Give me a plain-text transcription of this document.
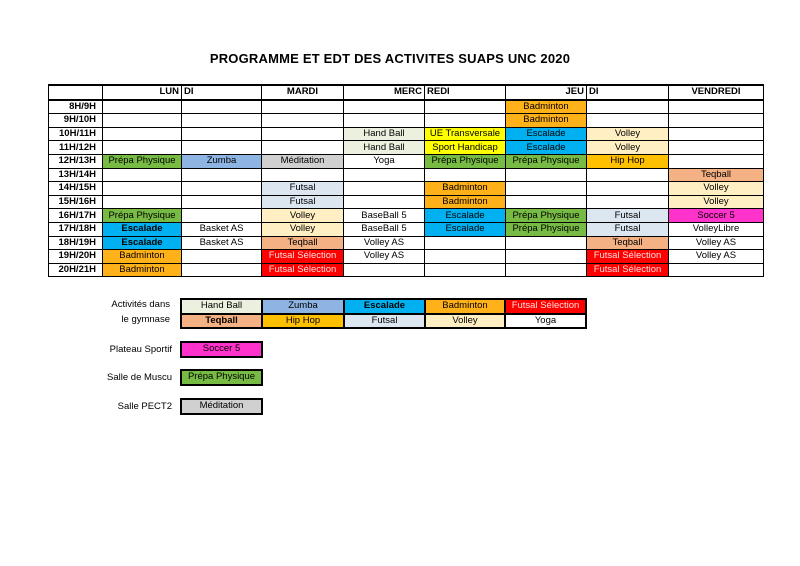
PROGRAMME ET EDT DES ACTIVITES SUAPS UNC 2020
	LUN	DI	MARDI	MERC	REDI	JEU	DI	VENDREDI
8H/9H						Badminton		
9H/10H						Badminton		
10H/11H				Hand Ball	UE Transversale	Escalade	Volley	
11H/12H				Hand Ball	Sport Handicap	Escalade	Volley	
12H/13H	Prépa Physique	Zumba	Méditation	Yoga	Prépa Physique	Prépa Physique	Hip Hop	
13H/14H								Teqball
14H/15H			Futsal		Badminton			Volley
15H/16H			Futsal		Badminton			Volley
16H/17H	Prépa Physique		Volley	BaseBall 5	Escalade	Prépa Physique	Futsal	Soccer 5
17H/18H	Escalade	Basket AS	Volley	BaseBall 5	Escalade	Prépa Physique	Futsal	VolleyLibre
18H/19H	Escalade	Basket AS	Teqball	Volley AS			Teqball	Volley AS
19H/20H	Badminton		Futsal Sélection	Volley AS			Futsal Sélection	Volley AS
20H/21H	Badminton		Futsal Sélection				Futsal Sélection	
Activités dans
le gymnase
Hand Ball	Zumba	Escalade	Badminton	Futsal Sélection
Teqball	Hip Hop	Futsal	Volley	Yoga
Plateau Sportif	Soccer 5
Salle de Muscu Prépa Physique
Salle PECT2	Méditation
